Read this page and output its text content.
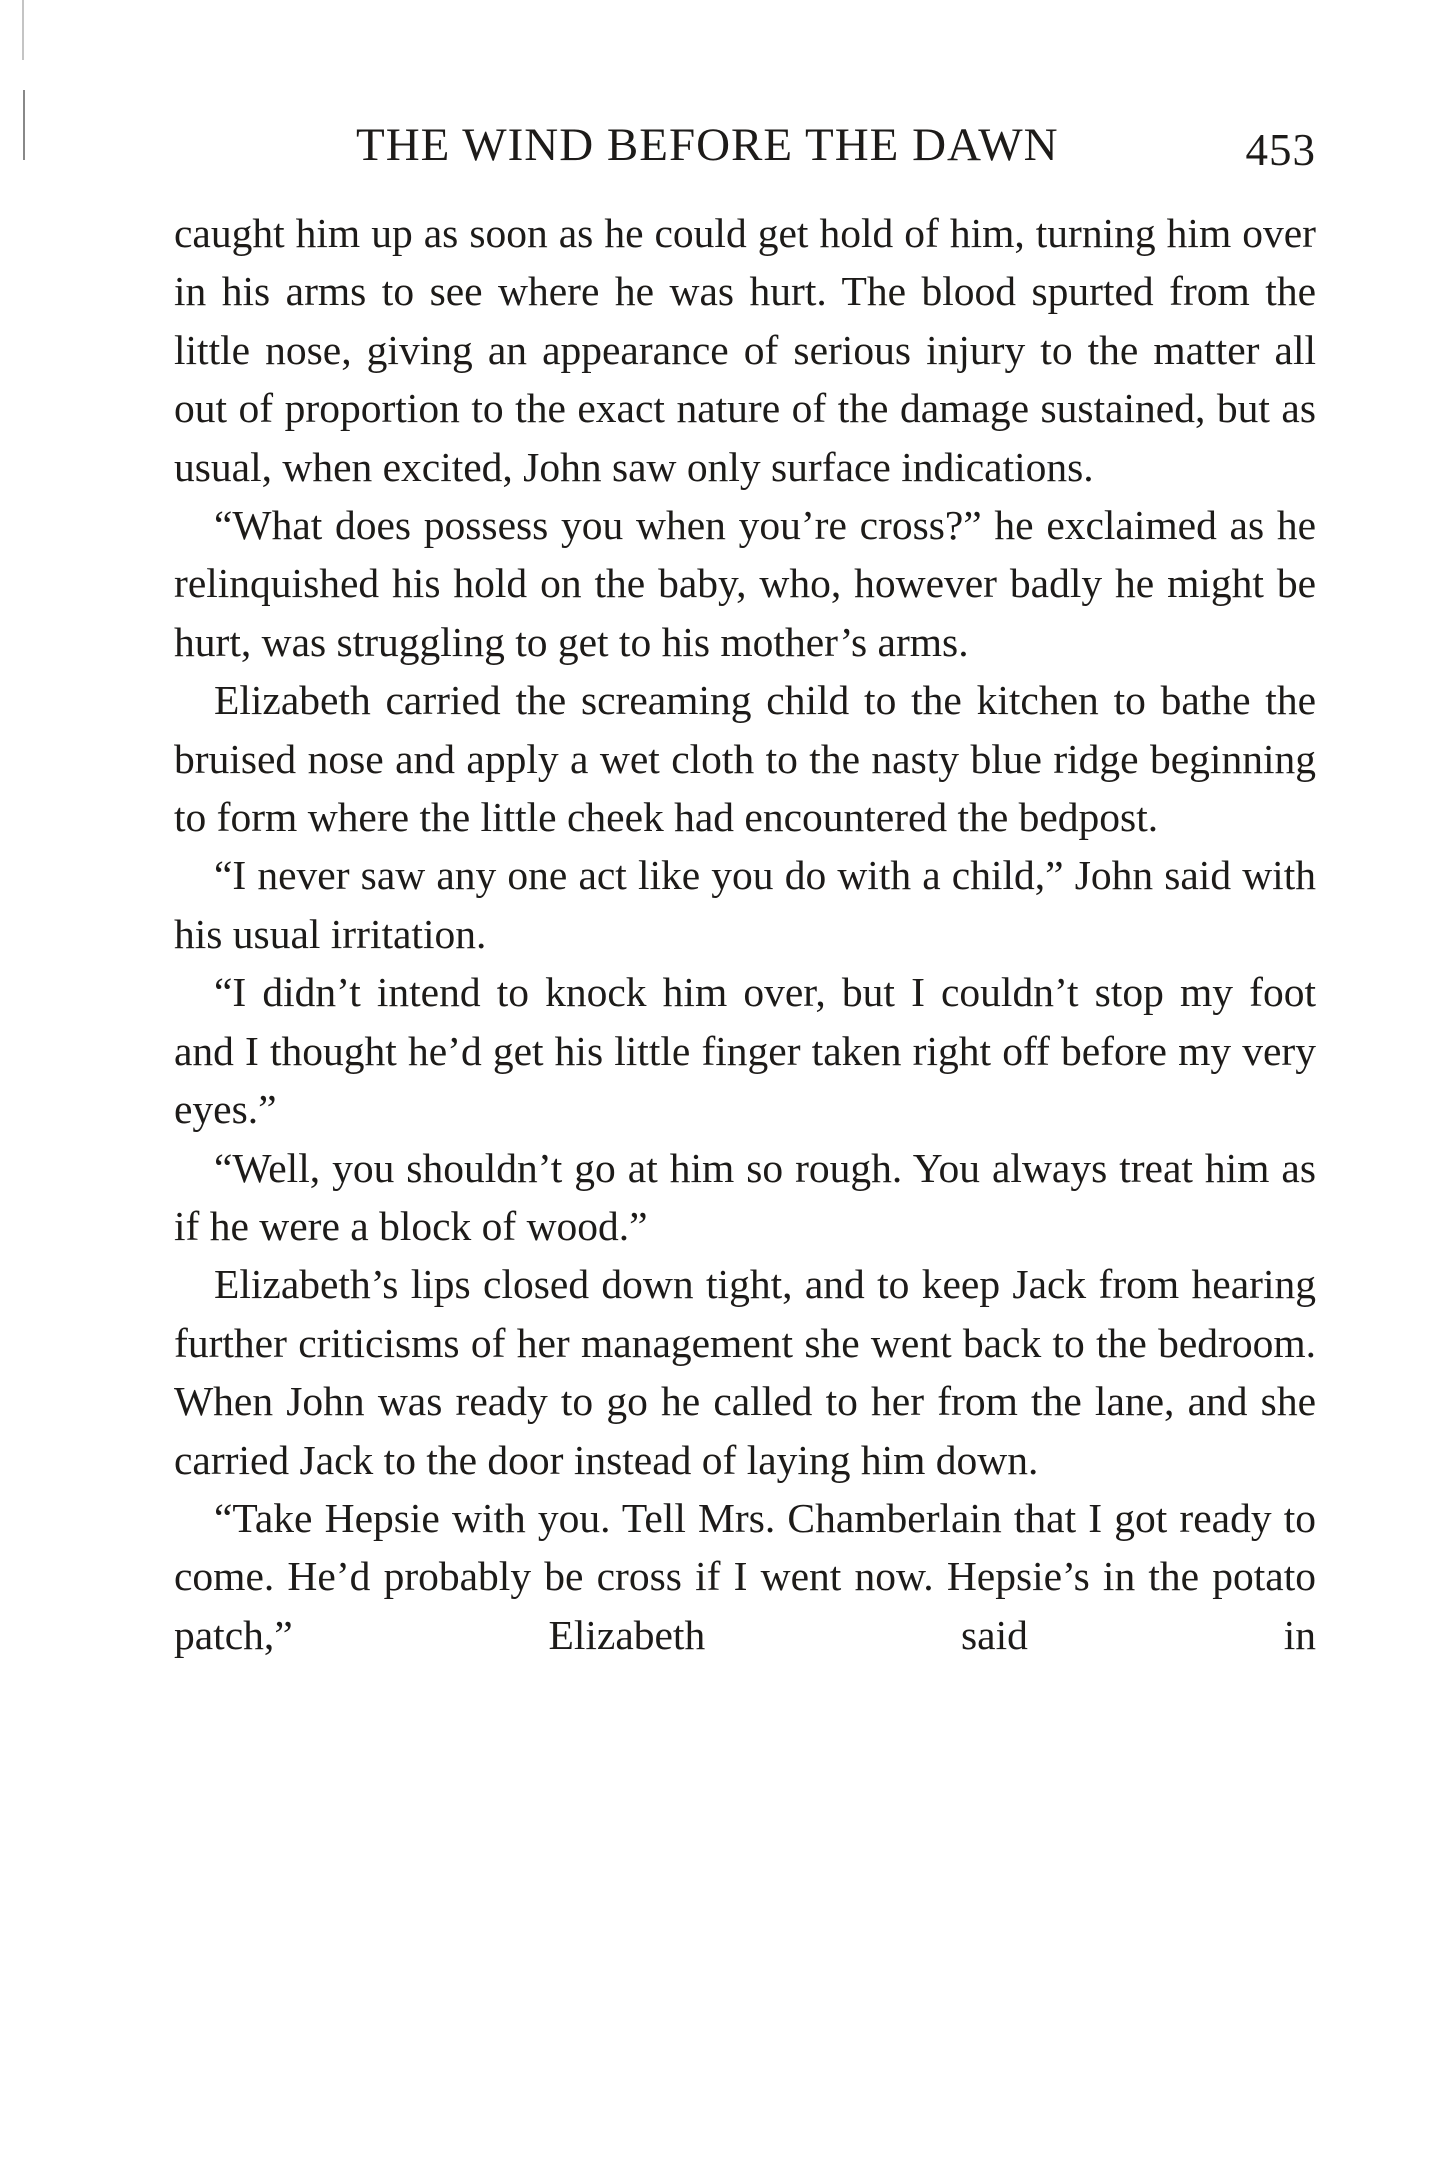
THE WIND BEFORE THE DAWN	453

caught him up as soon as he could get hold of him, turning him over in his arms to see where he was hurt. The blood spurted from the little nose, giving an appearance of serious injury to the matter all out of proportion to the exact nature of the damage sustained, but as usual, when excited, John saw only surface indications.

“What does possess you when you’re cross?” he exclaimed as he relinquished his hold on the baby, who, however badly he might be hurt, was struggling to get to his mother’s arms.

Elizabeth carried the screaming child to the kitchen to bathe the bruised nose and apply a wet cloth to the nasty blue ridge beginning to form where the little cheek had encountered the bedpost.

“I never saw any one act like you do with a child,” John said with his usual irritation.

“I didn’t intend to knock him over, but I couldn’t stop my foot and I thought he’d get his little finger taken right off before my very eyes.”

“Well, you shouldn’t go at him so rough. You always treat him as if he were a block of wood.”

Elizabeth’s lips closed down tight, and to keep Jack from hearing further criticisms of her management she went back to the bedroom. When John was ready to go he called to her from the lane, and she carried Jack to the door instead of laying him down.

“Take Hepsie with you. Tell Mrs. Chamberlain that I got ready to come. He’d probably be cross if I went now. Hepsie’s in the potato patch,” Elizabeth said in
